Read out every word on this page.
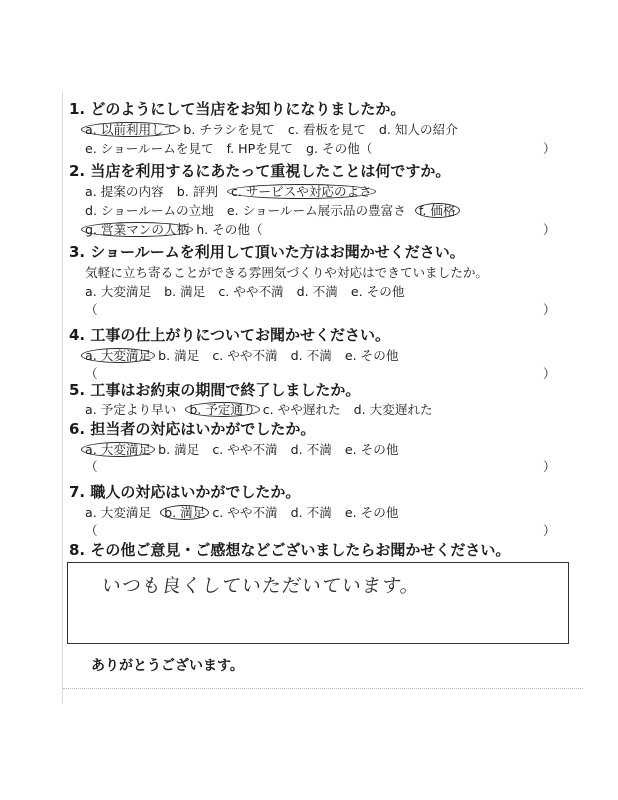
1. どのようにして当店をお知りになりましたか。
a. 以前利用して b. チラシを見て c. 看板を見て d. 知人の紹介
e. ショールームを見て f. HPを見て g. その他（	）
2. 当店を利用するにあたって重視したことは何ですか。
a. 提案の内容 b. 評判 c. サービスや対応のよさ
d. ショールームの立地 e. ショールーム展示品の豊富さ f. 価格
g. 営業マンの人柄 h. その他（	）
3. ショールームを利用して頂いた方はお聞かせください。
気軽に立ち寄ることができる雰囲気づくりや対応はできていましたか。
a. 大変満足 b. 満足 c. やや不満 d. 不満 e. その他
（	）
4. 工事の仕上がりについてお聞かせください。
a. 大変満足 b. 満足 c. やや不満 d. 不満 e. その他
（	）
5. 工事はお約束の期間で終了しましたか。
a. 予定より早い b. 予定通り c. やや遅れた d. 大変遅れた
6. 担当者の対応はいかがでしたか。
a. 大変満足 b. 満足 c. やや不満 d. 不満 e. その他
（	）
7. 職人の対応はいかがでしたか。
a. 大変満足 b. 満足 c. やや不満 d. 不満 e. その他
（	）
8. その他ご意見・ご感想などございましたらお聞かせください。
いつも良くしていただいています。
ありがとうございます。
